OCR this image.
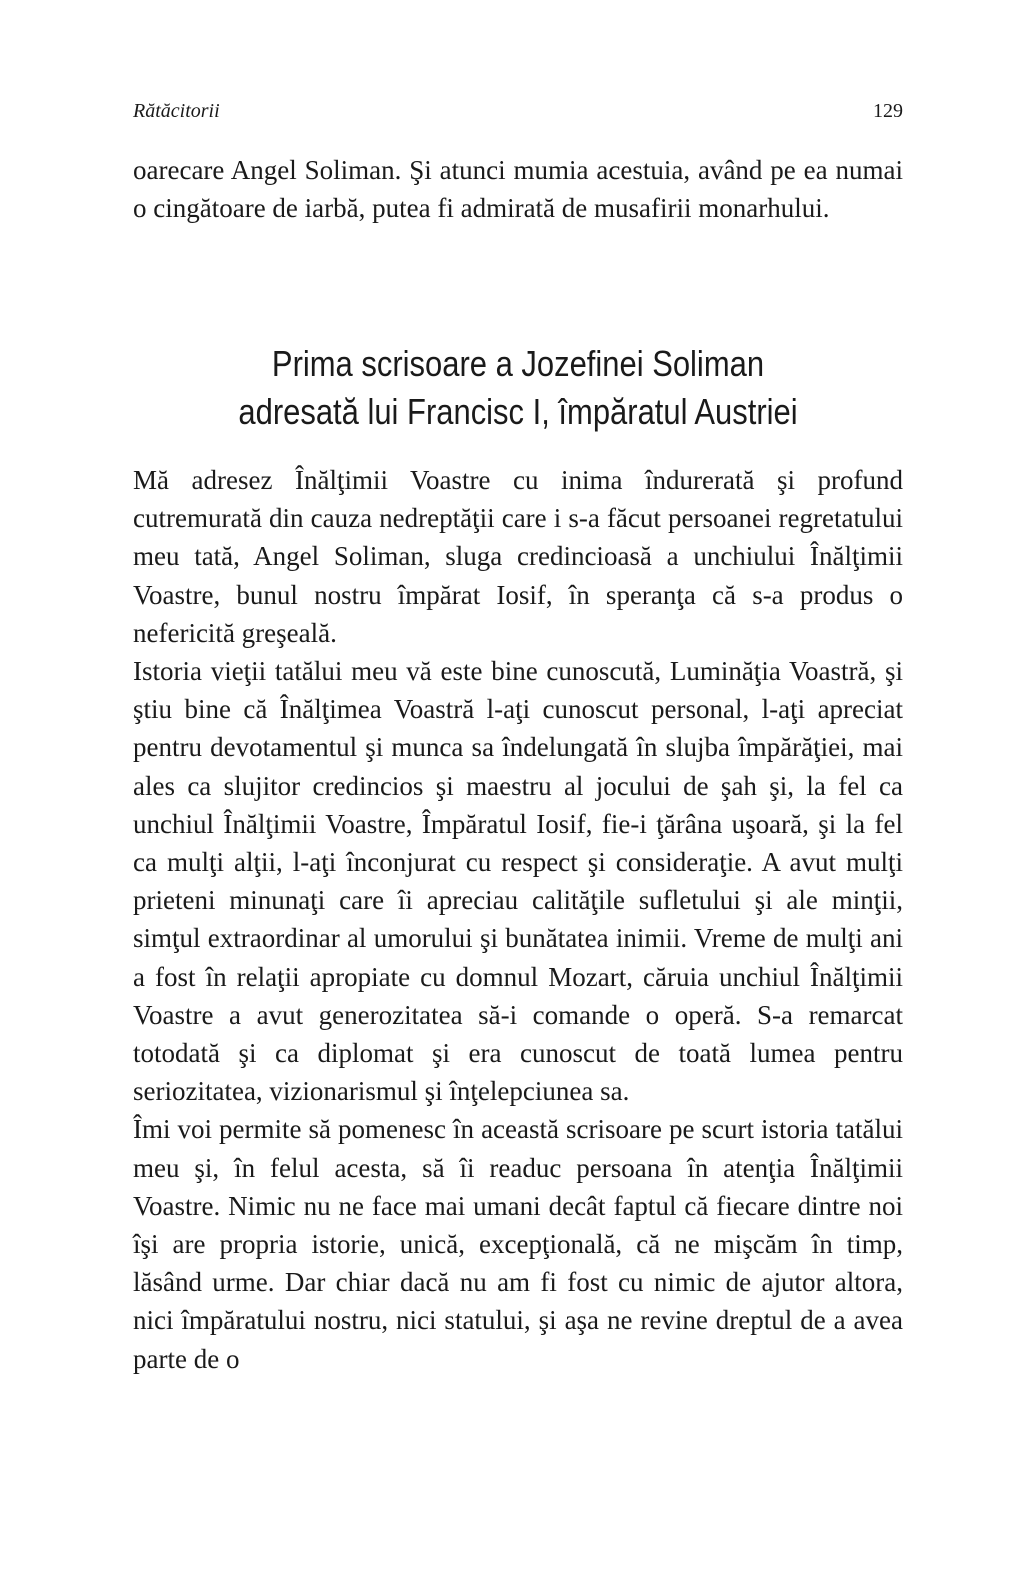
Rătăcitorii	129

oarecare Angel Soliman. Şi atunci mumia acestuia, având pe ea numai o cingătoare de iarbă, putea fi admirată de musafirii monarhului.

Prima scrisoare a Jozefinei Soliman
adresată lui Francisc I, împăratul Austriei

Mă adresez Înălţimii Voastre cu inima îndurerată şi profund cutremurată din cauza nedreptăţii care i s-a făcut persoanei regretatului meu tată, Angel Soliman, sluga credincioasă a unchiului Înălţimii Voastre, bunul nostru împărat Iosif, în speranţa că s-a produs o nefericită greşeală.

Istoria vieţii tatălui meu vă este bine cunoscută, Luminăţia Voastră, şi ştiu bine că Înălţimea Voastră l-aţi cunoscut personal, l-aţi apreciat pentru devotamentul şi munca sa îndelungată în slujba împărăţiei, mai ales ca slujitor credincios şi maestru al jocului de şah şi, la fel ca unchiul Înălţimii Voastre, Împăratul Iosif, fie-i ţărâna uşoară, şi la fel ca mulţi alţii, l-aţi înconjurat cu respect şi consideraţie. A avut mulţi prieteni minunaţi care îi apreciau calităţile sufletului şi ale minţii, simţul extraordinar al umorului şi bunătatea inimii. Vreme de mulţi ani a fost în relaţii apropiate cu domnul Mozart, căruia unchiul Înălţimii Voastre a avut generozitatea să-i comande o operă. S-a remarcat totodată şi ca diplomat şi era cunoscut de toată lumea pentru seriozitatea, vizionarismul şi înţelepciunea sa.

Îmi voi permite să pomenesc în această scrisoare pe scurt istoria tatălui meu şi, în felul acesta, să îi readuc persoana în atenţia Înălţimii Voastre. Nimic nu ne face mai umani decât faptul că fiecare dintre noi îşi are propria istorie, unică, excepţională, că ne mişcăm în timp, lăsând urme. Dar chiar dacă nu am fi fost cu nimic de ajutor altora, nici împăratului nostru, nici statului, şi aşa ne revine dreptul de a avea parte de o
